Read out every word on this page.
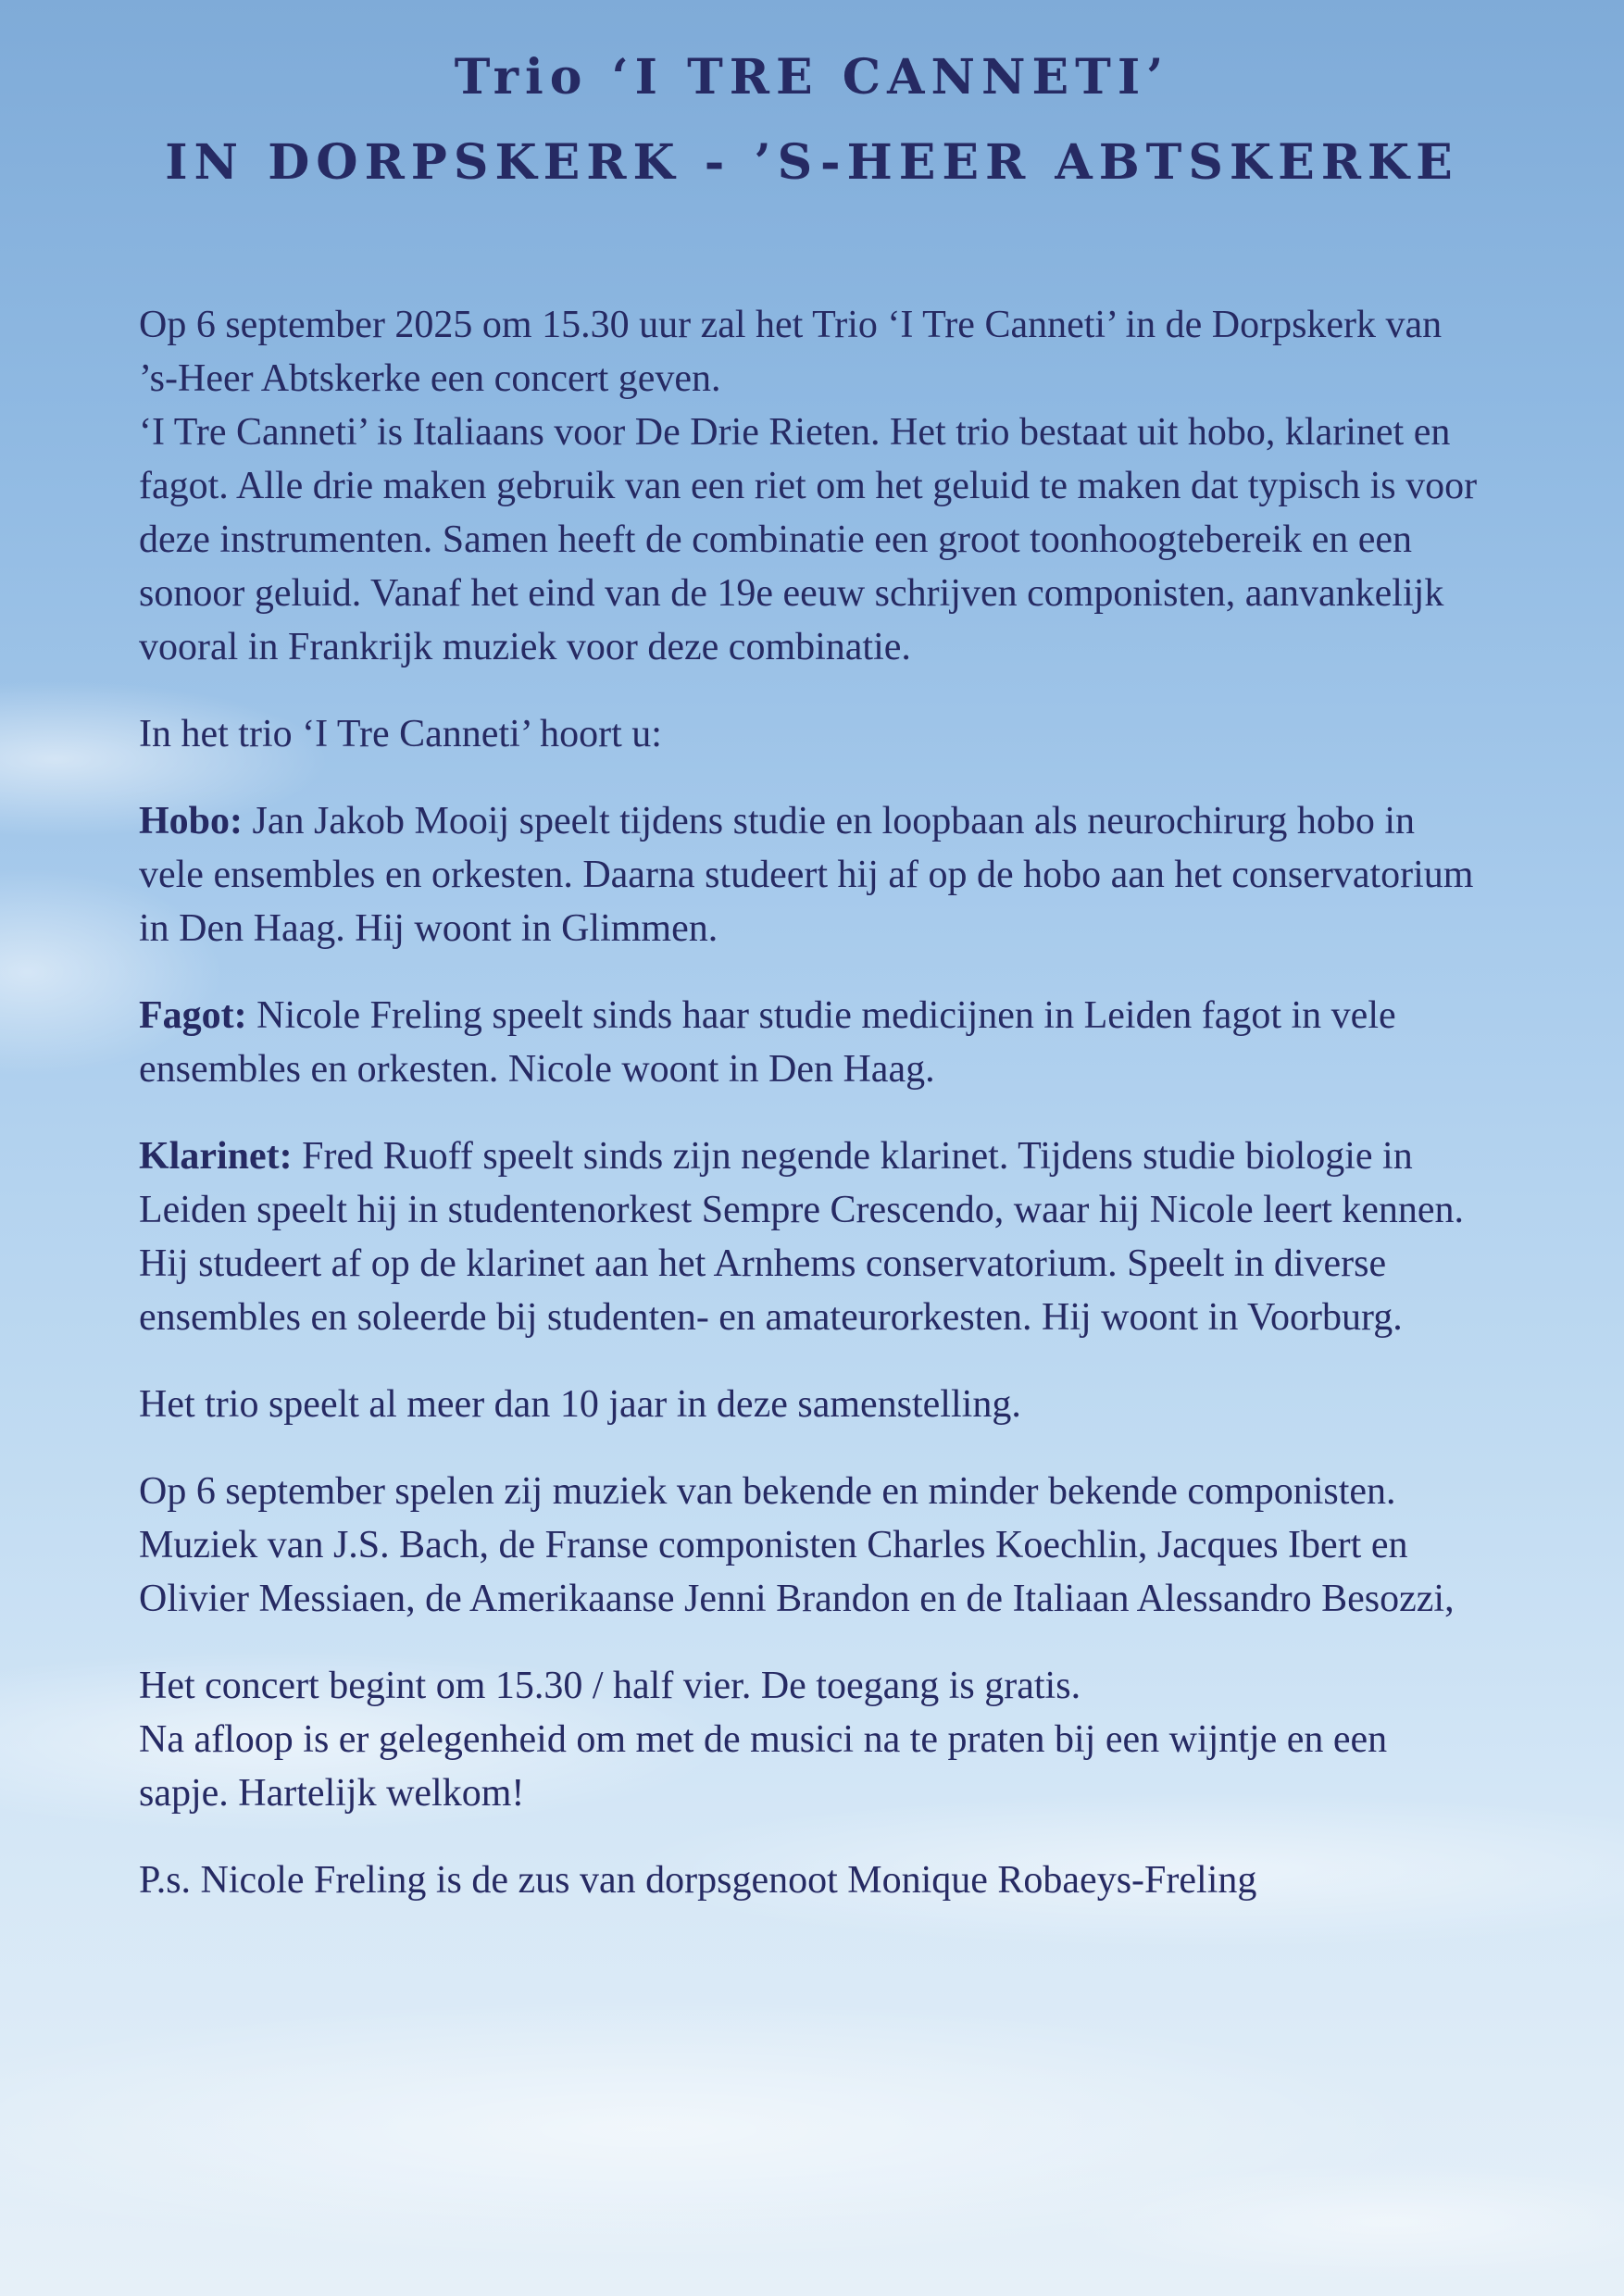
Trio ‘I TRE CANNETI’
IN DORPSKERK - ’S-HEER ABTSKERKE

Op 6 september 2025 om 15.30 uur zal het Trio ‘I Tre Canneti’ in de Dorpskerk van ’s-Heer Abtskerke een concert geven.
‘I Tre Canneti’ is Italiaans voor De Drie Rieten. Het trio bestaat uit hobo, klarinet en fagot. Alle drie maken gebruik van een riet om het geluid te maken dat typisch is voor deze instrumenten. Samen heeft de combinatie een groot toonhoogtebereik en een sonoor geluid. Vanaf het eind van de 19e eeuw schrijven componisten, aanvankelijk vooral in Frankrijk muziek voor deze combinatie.

In het trio ‘I Tre Canneti’ hoort u:

Hobo: Jan Jakob Mooij speelt tijdens studie en loopbaan als neurochirurg hobo in vele ensembles en orkesten. Daarna studeert hij af op de hobo aan het conservatorium in Den Haag. Hij woont in Glimmen.

Fagot: Nicole Freling speelt sinds haar studie medicijnen in Leiden fagot in vele ensembles en orkesten. Nicole woont in Den Haag.

Klarinet: Fred Ruoff speelt sinds zijn negende klarinet. Tijdens studie biologie in Leiden speelt hij in studentenorkest Sempre Crescendo, waar hij Nicole leert kennen. Hij studeert af op de klarinet aan het Arnhems conservatorium. Speelt in diverse ensembles en soleerde bij studenten- en amateurorkesten. Hij woont in Voorburg.

Het trio speelt al meer dan 10 jaar in deze samenstelling.

Op 6 september spelen zij muziek van bekende en minder bekende componisten. Muziek van J.S. Bach, de Franse componisten Charles Koechlin, Jacques Ibert en Olivier Messiaen, de Amerikaanse Jenni Brandon en de Italiaan Alessandro Besozzi,

Het concert begint om 15.30 / half vier. De toegang is gratis.
Na afloop is er gelegenheid om met de musici na te praten bij een wijntje en een sapje. Hartelijk welkom!

P.s. Nicole Freling is de zus van dorpsgenoot Monique Robaeys-Freling
